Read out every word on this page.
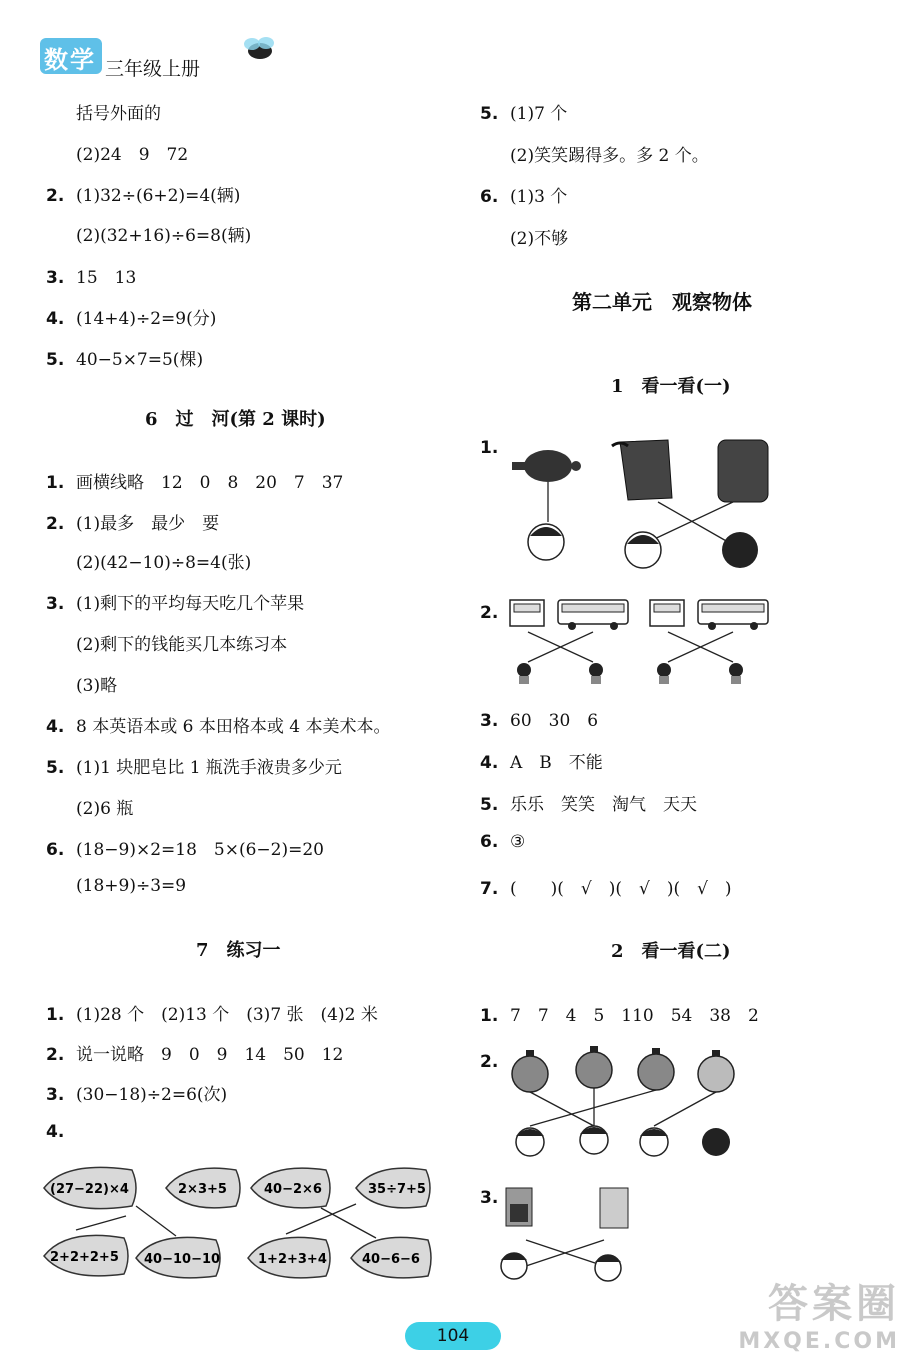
数学 三年级上册
括号外面的
(2)24　9　72
2. (1)32÷(6+2)=4(辆)
(2)(32+16)÷6=8(辆)
3. 15　13
4. (14+4)÷2=9(分)
5. 40−5×7=5(棵)
6　过　河(第 2 课时)
1. 画横线略　12　0　8　20　7　37
2. (1)最多　最少　要
(2)(42−10)÷8=4(张)
3. (1)剩下的平均每天吃几个苹果
(2)剩下的钱能买几本练习本
(3)略
4. 8 本英语本或 6 本田格本或 4 本美术本。
5. (1)1 块肥皂比 1 瓶洗手液贵多少元
(2)6 瓶
6. (18−9)×2=18　5×(6−2)=20
(18+9)÷3=9
7　练习一
1. (1)28 个　(2)13 个　(3)7 张　(4)2 米
2. 说一说略　9　0　9　14　50　12
3. (30−18)÷2=6(次)
4.
(27−22)×4	2×3+5	40−2×6	35÷7+5
2+2+2+5 40−10−10	1+2+3+4	40−6−6
5. (1)7 个
(2)笑笑踢得多。多 2 个。
6. (1)3 个
(2)不够
第二单元　观察物体
1　看一看(一)
1.
2.
3. 60　30　6
4. A　B　不能
5. 乐乐　笑笑　淘气　天天
6. ③
7. (　　)(　√　)(　√　)(　√　)
2　看一看(二)
1. 7　7　4　5　110　54　38　2
2.
3.
104
答案圈
MXQE.COM
